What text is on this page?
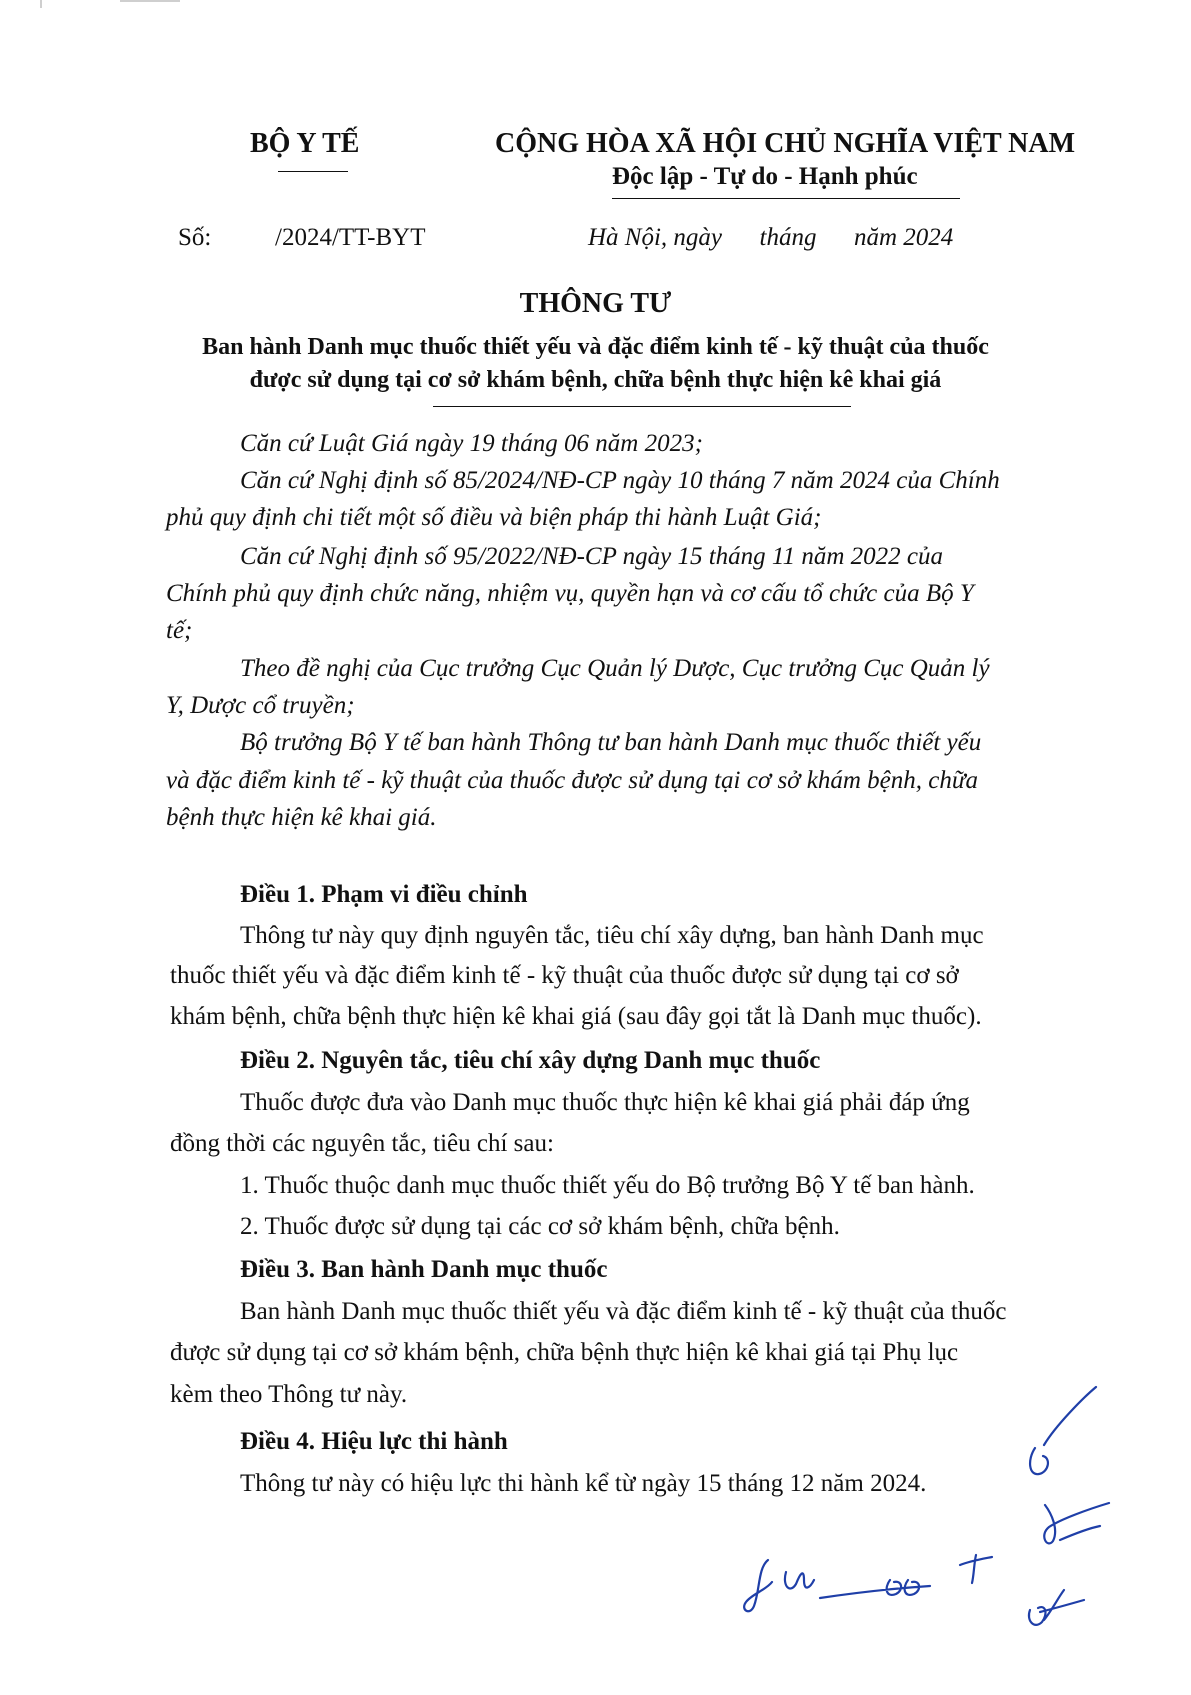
BỘ Y TẾ	CỘNG HÒA XÃ HỘI CHỦ NGHĨA VIỆT NAM
Độc lập - Tự do - Hạnh phúc
Số:	/2024/TT-BYT	Hà Nội, ngày      tháng      năm 2024
THÔNG TƯ
Ban hành Danh mục thuốc thiết yếu và đặc điểm kinh tế - kỹ thuật của thuốc
được sử dụng tại cơ sở khám bệnh, chữa bệnh thực hiện kê khai giá
Căn cứ Luật Giá ngày 19 tháng 06 năm 2023;
Căn cứ Nghị định số 85/2024/NĐ-CP ngày 10 tháng 7 năm 2024 của Chính
phủ quy định chi tiết một số điều và biện pháp thi hành Luật Giá;
Căn cứ Nghị định số 95/2022/NĐ-CP ngày 15 tháng 11 năm 2022 của
Chính phủ quy định chức năng, nhiệm vụ, quyền hạn và cơ cấu tổ chức của Bộ Y
tế;
Theo đề nghị của Cục trưởng Cục Quản lý Dược, Cục trưởng Cục Quản lý
Y, Dược cổ truyền;
Bộ trưởng Bộ Y tế ban hành Thông tư ban hành Danh mục thuốc thiết yếu
và đặc điểm kinh tế - kỹ thuật của thuốc được sử dụng tại cơ sở khám bệnh, chữa
bệnh thực hiện kê khai giá.
Điều 1. Phạm vi điều chỉnh
Thông tư này quy định nguyên tắc, tiêu chí xây dựng, ban hành Danh mục
thuốc thiết yếu và đặc điểm kinh tế - kỹ thuật của thuốc được sử dụng tại cơ sở
khám bệnh, chữa bệnh thực hiện kê khai giá (sau đây gọi tắt là Danh mục thuốc).
Điều 2. Nguyên tắc, tiêu chí xây dựng Danh mục thuốc
Thuốc được đưa vào Danh mục thuốc thực hiện kê khai giá phải đáp ứng
đồng thời các nguyên tắc, tiêu chí sau:
1. Thuốc thuộc danh mục thuốc thiết yếu do Bộ trưởng Bộ Y tế ban hành.
2. Thuốc được sử dụng tại các cơ sở khám bệnh, chữa bệnh.
Điều 3. Ban hành Danh mục thuốc
Ban hành Danh mục thuốc thiết yếu và đặc điểm kinh tế - kỹ thuật của thuốc
được sử dụng tại cơ sở khám bệnh, chữa bệnh thực hiện kê khai giá tại Phụ lục
kèm theo Thông tư này.
Điều 4. Hiệu lực thi hành
Thông tư này có hiệu lực thi hành kể từ ngày 15 tháng 12 năm 2024.
